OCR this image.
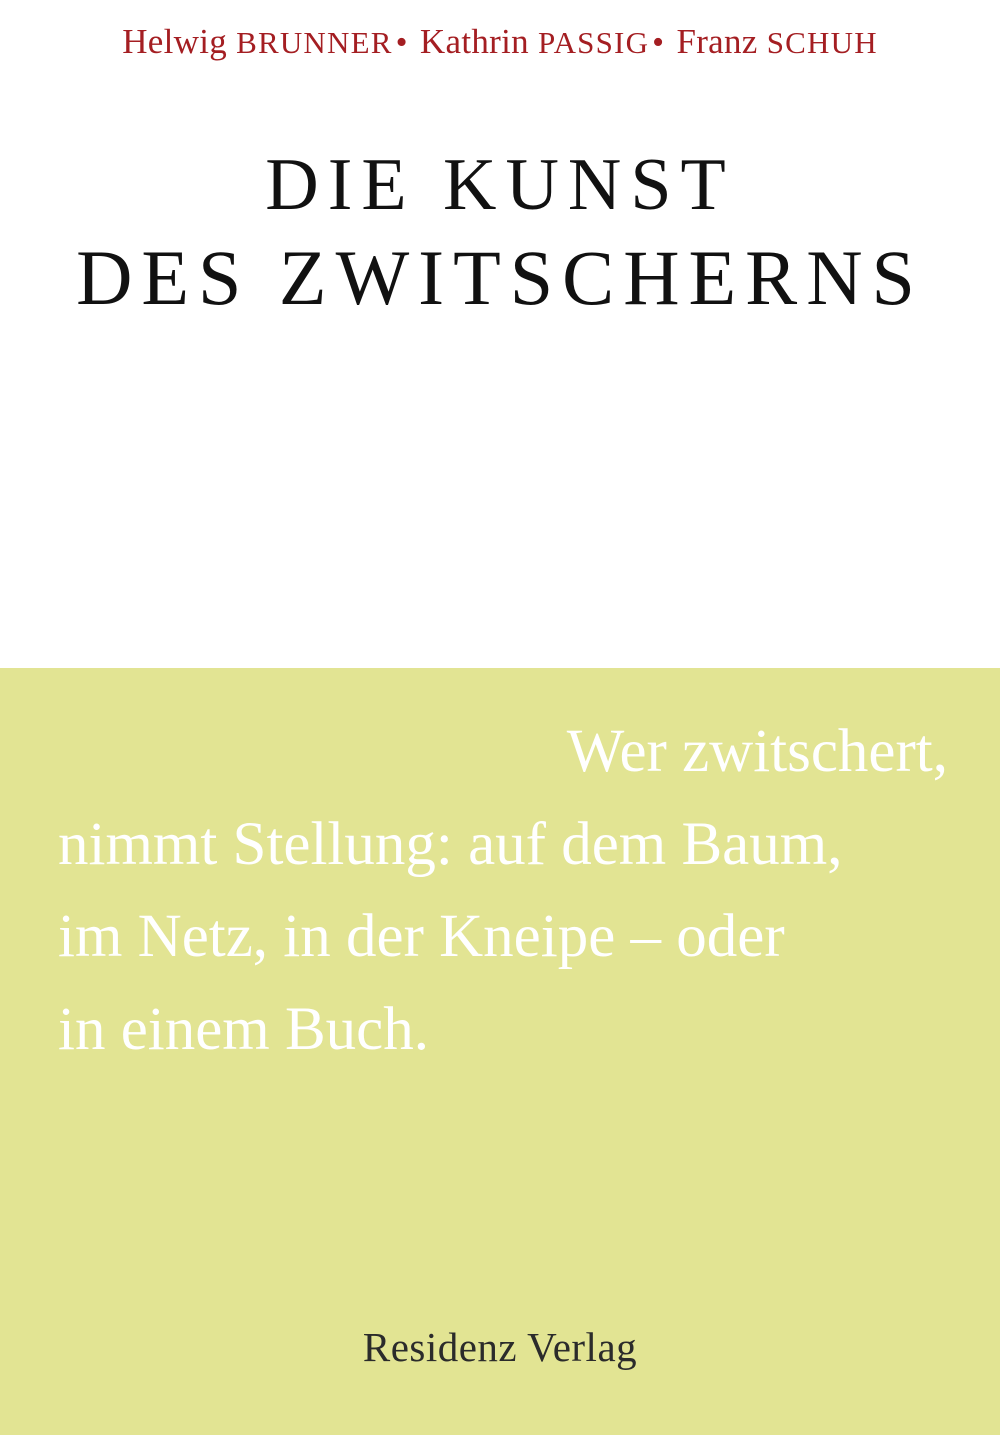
Helwig BRUNNER• Kathrin PASSIG• Franz SCHUH
DIE KUNST
DES ZWITSCHERNS
Wer zwitschert,
nimmt Stellung: auf dem Baum,
im Netz, in der Kneipe – oder
in einem Buch.
Residenz Verlag
